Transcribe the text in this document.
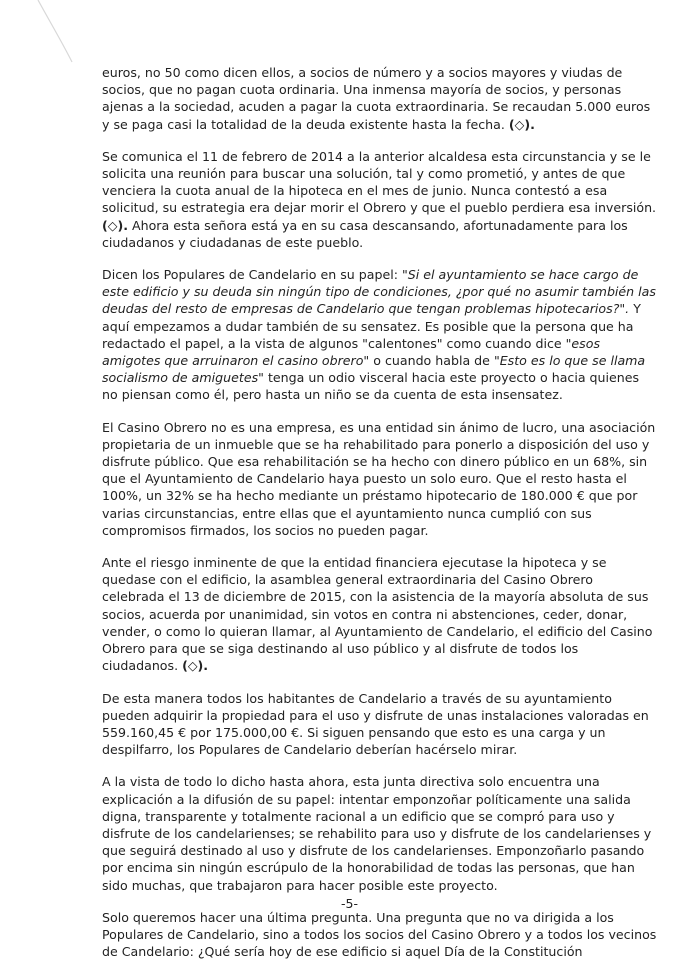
euros, no 50 como dicen ellos, a socios de número y a socios mayores y viudas de socios, que no pagan cuota ordinaria. Una inmensa mayoría de socios, y personas ajenas a la sociedad, acuden a pagar la cuota extraordinaria. Se recaudan 5.000 euros y se paga casi la totalidad de la deuda existente hasta la fecha. (◇).

Se comunica el 11 de febrero de 2014 a la anterior alcaldesa esta circunstancia y se le solicita una reunión para buscar una solución, tal y como prometió, y antes de que venciera la cuota anual de la hipoteca en el mes de junio. Nunca contestó a esa solicitud, su estrategia era dejar morir el Obrero y que el pueblo perdiera esa inversión. (◇). Ahora esta señora está ya en su casa descansando, afortunadamente para los ciudadanos y ciudadanas de este pueblo.

Dicen los Populares de Candelario en su papel: "Si el ayuntamiento se hace cargo de este edificio y su deuda sin ningún tipo de condiciones, ¿por qué no asumir también las deudas del resto de empresas de Candelario que tengan problemas hipotecarios?". Y aquí empezamos a dudar también de su sensatez. Es posible que la persona que ha redactado el papel, a la vista de algunos "calentones" como cuando dice "esos amigotes que arruinaron el casino obrero" o cuando habla de "Esto es lo que se llama socialismo de amiguetes" tenga un odio visceral hacia este proyecto o hacia quienes no piensan como él, pero hasta un niño se da cuenta de esta insensatez.

El Casino Obrero no es una empresa, es una entidad sin ánimo de lucro, una asociación propietaria de un inmueble que se ha rehabilitado para ponerlo a disposición del uso y disfrute público. Que esa rehabilitación se ha hecho con dinero público en un 68%, sin que el Ayuntamiento de Candelario haya puesto un solo euro. Que el resto hasta el 100%, un 32% se ha hecho mediante un préstamo hipotecario de 180.000 € que por varias circunstancias, entre ellas que el ayuntamiento nunca cumplió con sus compromisos firmados, los socios no pueden pagar.

Ante el riesgo inminente de que la entidad financiera ejecutase la hipoteca y se quedase con el edificio, la asamblea general extraordinaria del Casino Obrero celebrada el 13 de diciembre de 2015, con la asistencia de la mayoría absoluta de sus socios, acuerda por unanimidad, sin votos en contra ni abstenciones, ceder, donar, vender, o como lo quieran llamar, al Ayuntamiento de Candelario, el edificio del Casino Obrero para que se siga destinando al uso público y al disfrute de todos los ciudadanos. (◇).

De esta manera todos los habitantes de Candelario a través de su ayuntamiento pueden adquirir la propiedad para el uso y disfrute de unas instalaciones valoradas en 559.160,45 € por 175.000,00 €. Si siguen pensando que esto es una carga y un despilfarro, los Populares de Candelario deberían hacérselo mirar.

A la vista de todo lo dicho hasta ahora, esta junta directiva solo encuentra una explicación a la difusión de su papel: intentar emponzoñar políticamente una salida digna, transparente y totalmente racional a un edificio que se compró para uso y disfrute de los candelarienses; se rehabilito para uso y disfrute de los candelarienses y que seguirá destinado al uso y disfrute de los candelarienses. Emponzoñarlo pasando por encima sin ningún escrúpulo de la honorabilidad de todas las personas, que han sido muchas, que trabajaron para hacer posible este proyecto.

Solo queremos hacer una última pregunta. Una pregunta que no va dirigida a los Populares de Candelario, sino a todos los socios del Casino Obrero y a todos los vecinos de Candelario: ¿Qué sería hoy de ese edificio si aquel Día de la Constitución

-5-
